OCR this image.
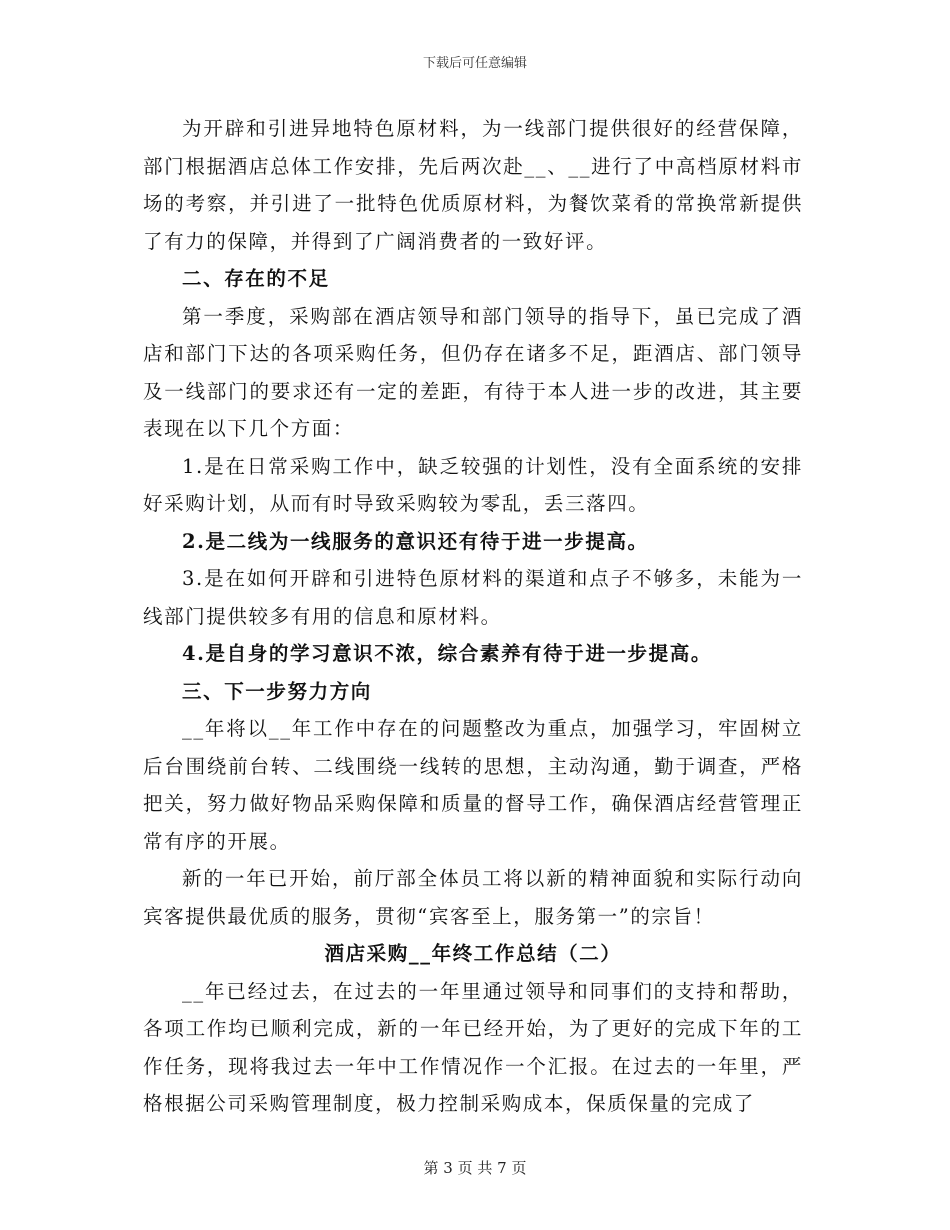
下载后可任意编辑

为开辟和引进异地特色原材料，为一线部门提供很好的经营保障，部门根据酒店总体工作安排，先后两次赴__、__进行了中高档原材料市场的考察，并引进了一批特色优质原材料，为餐饮菜肴的常换常新提供了有力的保障，并得到了广阔消费者的一致好评。

二、存在的不足

第一季度，采购部在酒店领导和部门领导的指导下，虽已完成了酒店和部门下达的各项采购任务，但仍存在诸多不足，距酒店、部门领导及一线部门的要求还有一定的差距，有待于本人进一步的改进，其主要表现在以下几个方面：

1.是在日常采购工作中，缺乏较强的计划性，没有全面系统的安排好采购计划，从而有时导致采购较为零乱，丢三落四。

2.是二线为一线服务的意识还有待于进一步提高。

3.是在如何开辟和引进特色原材料的渠道和点子不够多，未能为一线部门提供较多有用的信息和原材料。

4.是自身的学习意识不浓，综合素养有待于进一步提高。

三、下一步努力方向

__年将以__年工作中存在的问题整改为重点，加强学习，牢固树立后台围绕前台转、二线围绕一线转的思想，主动沟通，勤于调查，严格把关，努力做好物品采购保障和质量的督导工作，确保酒店经营管理正常有序的开展。

新的一年已开始，前厅部全体员工将以新的精神面貌和实际行动向宾客提供最优质的服务，贯彻“宾客至上，服务第一”的宗旨！

酒店采购__年终工作总结（二）

__年已经过去，在过去的一年里通过领导和同事们的支持和帮助，各项工作均已顺利完成，新的一年已经开始，为了更好的完成下年的工作任务，现将我过去一年中工作情况作一个汇报。在过去的一年里，严格根据公司采购管理制度，极力控制采购成本，保质保量的完成了

第 3 页 共 7 页
